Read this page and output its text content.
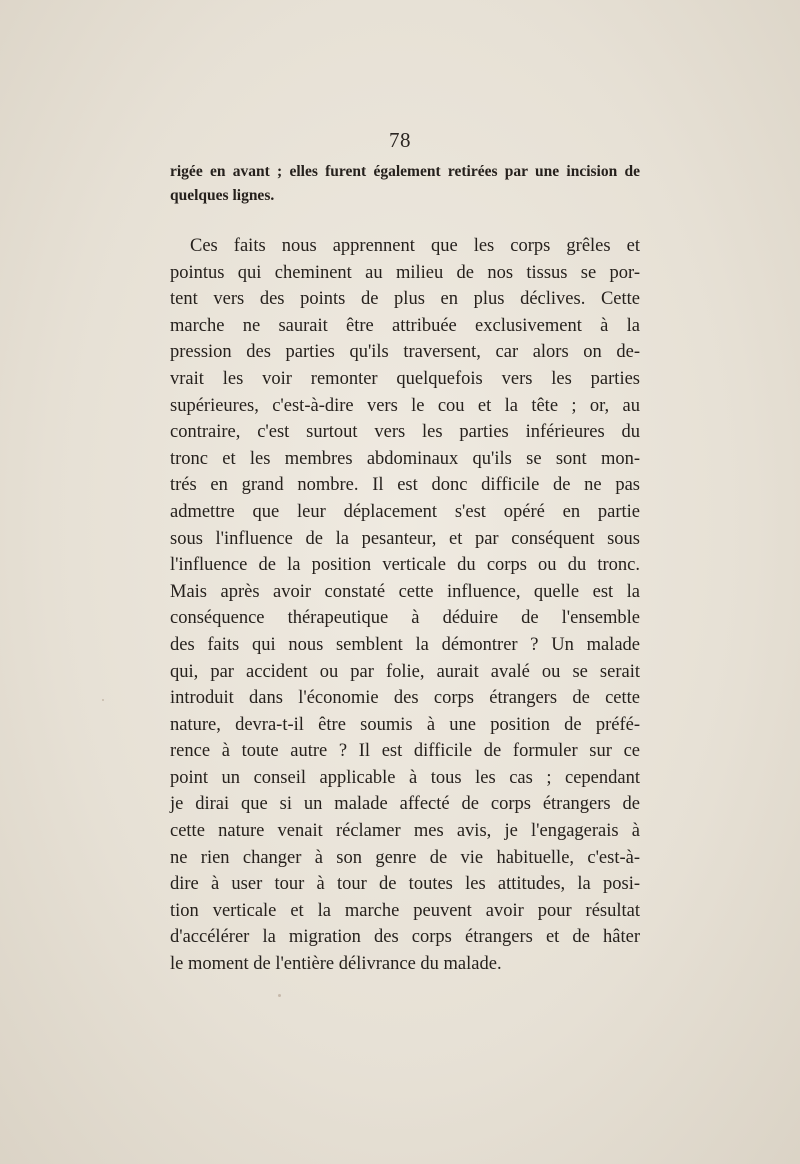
78
rigée en avant ; elles furent également retirées par une incision de
quelques lignes.
Ces faits nous apprennent que les corps grêles et
pointus qui cheminent au milieu de nos tissus se por-
tent vers des points de plus en plus déclives. Cette
marche ne saurait être attribuée exclusivement à la
pression des parties qu'ils traversent, car alors on de-
vrait les voir remonter quelquefois vers les parties
supérieures, c'est-à-dire vers le cou et la tête ; or, au
contraire, c'est surtout vers les parties inférieures du
tronc et les membres abdominaux qu'ils se sont mon-
trés en grand nombre. Il est donc difficile de ne pas
admettre que leur déplacement s'est opéré en partie
sous l'influence de la pesanteur, et par conséquent sous
l'influence de la position verticale du corps ou du tronc.
Mais après avoir constaté cette influence, quelle est la
conséquence thérapeutique à déduire de l'ensemble
des faits qui nous semblent la démontrer ? Un malade
qui, par accident ou par folie, aurait avalé ou se serait
introduit dans l'économie des corps étrangers de cette
nature, devra-t-il être soumis à une position de préfé-
rence à toute autre ? Il est difficile de formuler sur ce
point un conseil applicable à tous les cas ; cependant
je dirai que si un malade affecté de corps étrangers de
cette nature venait réclamer mes avis, je l'engagerais à
ne rien changer à son genre de vie habituelle, c'est-à-
dire à user tour à tour de toutes les attitudes, la posi-
tion verticale et la marche peuvent avoir pour résultat
d'accélérer la migration des corps étrangers et de hâter
le moment de l'entière délivrance du malade.
